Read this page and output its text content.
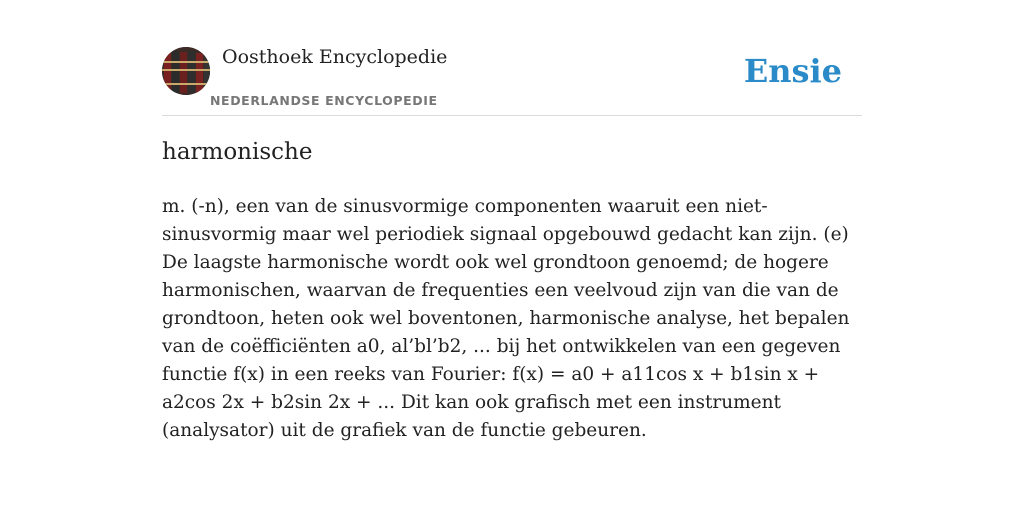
Oosthoek Encyclopedie
NEDERLANDSE ENCYCLOPEDIE
Ensie
harmonische
m. (-n), een van de sinusvormige componenten waaruit een niet-sinusvormig maar wel periodiek signaal opgebouwd gedacht kan zijn. (e) De laagste harmonische wordt ook wel grondtoon genoemd; de hogere harmonischen, waarvan de frequenties een veelvoud zijn van die van de grondtoon, heten ook wel boventonen, harmonische analyse, het bepalen van de coëfficiënten a0, al’bl’b2, ... bij het ontwikkelen van een gegeven functie f(x) in een reeks van Fourier: f(x) = a0 + a11cos x + b1sin x + a2cos 2x + b2sin 2x + ... Dit kan ook grafisch met een instrument (analysator) uit de grafiek van de functie gebeuren.
